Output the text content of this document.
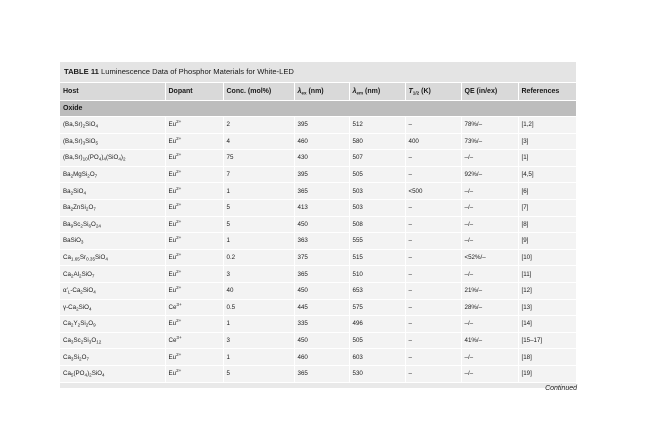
TABLE 11 Luminescence Data of Phosphor Materials for White-LED
Host	Dopant	Conc. (mol%)	$\lambda_{ex}$ (nm)	$\lambda_{em}$ (nm)	$T_{1/2}$ (K)	QE (in/ex)	References
Oxide							
$(Ba,Sr)_2SiO_4$	$Eu^{2+}$	2	395	512	–	78%/–	[1,2]
$(Ba,Sr)_3SiO_5$	$Eu^{2+}$	4	460	580	400	73%/–	[3]
$(Ba,Sr)_{10}(PO_4)_4(SiO_4)_2$	$Eu^{2+}$	75	430	507	–	–/–	[1]
$Ba_2MgSi_2O_7$	$Eu^{2+}$	7	395	505	–	92%/–	[4,5]
$Ba_2SiO_4$	$Eu^{2+}$	1	365	503	<500	–/–	[6]
$Ba_2ZnSi_2O_7$	$Eu^{2+}$	5	413	503	–	–/–	[7]
$Ba_9Sc_2Si_6O_{24}$	$Eu^{2+}$	5	450	508	–	–/–	[8]
BaSiO$_3$	$Eu^{2+}$	1	363	555	–	–/–	[9]
$Ca_{1.65}Sr_{0.35}SiO_4$	$Eu^{2+}$	0.2	375	515	–	<52%/–	[10]
$Ca_2Al_2SiO_7$	$Eu^{2+}$	3	365	510	–	–/–	[11]
$\alpha'_L-Ca_2SiO_4$	$Eu^{2+}$	40	450	653	–	21%/–	[12]
$\gamma-Ca_2SiO_4$	$Ce^{3+}$	0.5	445	575	–	28%/–	[13]
$Ca_2Y_2Si_2O_9$	$Eu^{2+}$	1	335	496	–	–/–	[14]
$Ca_3Sc_2Si_3O_{12}$	$Ce^{3+}$	3	450	505	–	41%/–	[15–17]
$Ca_3Si_2O_7$	$Eu^{2+}$	1	460	603	–	–/–	[18]
$Ca_5(PO_4)_2SiO_4$	$Eu^{2+}$	5	365	530	–	–/–	[19]

Continued
